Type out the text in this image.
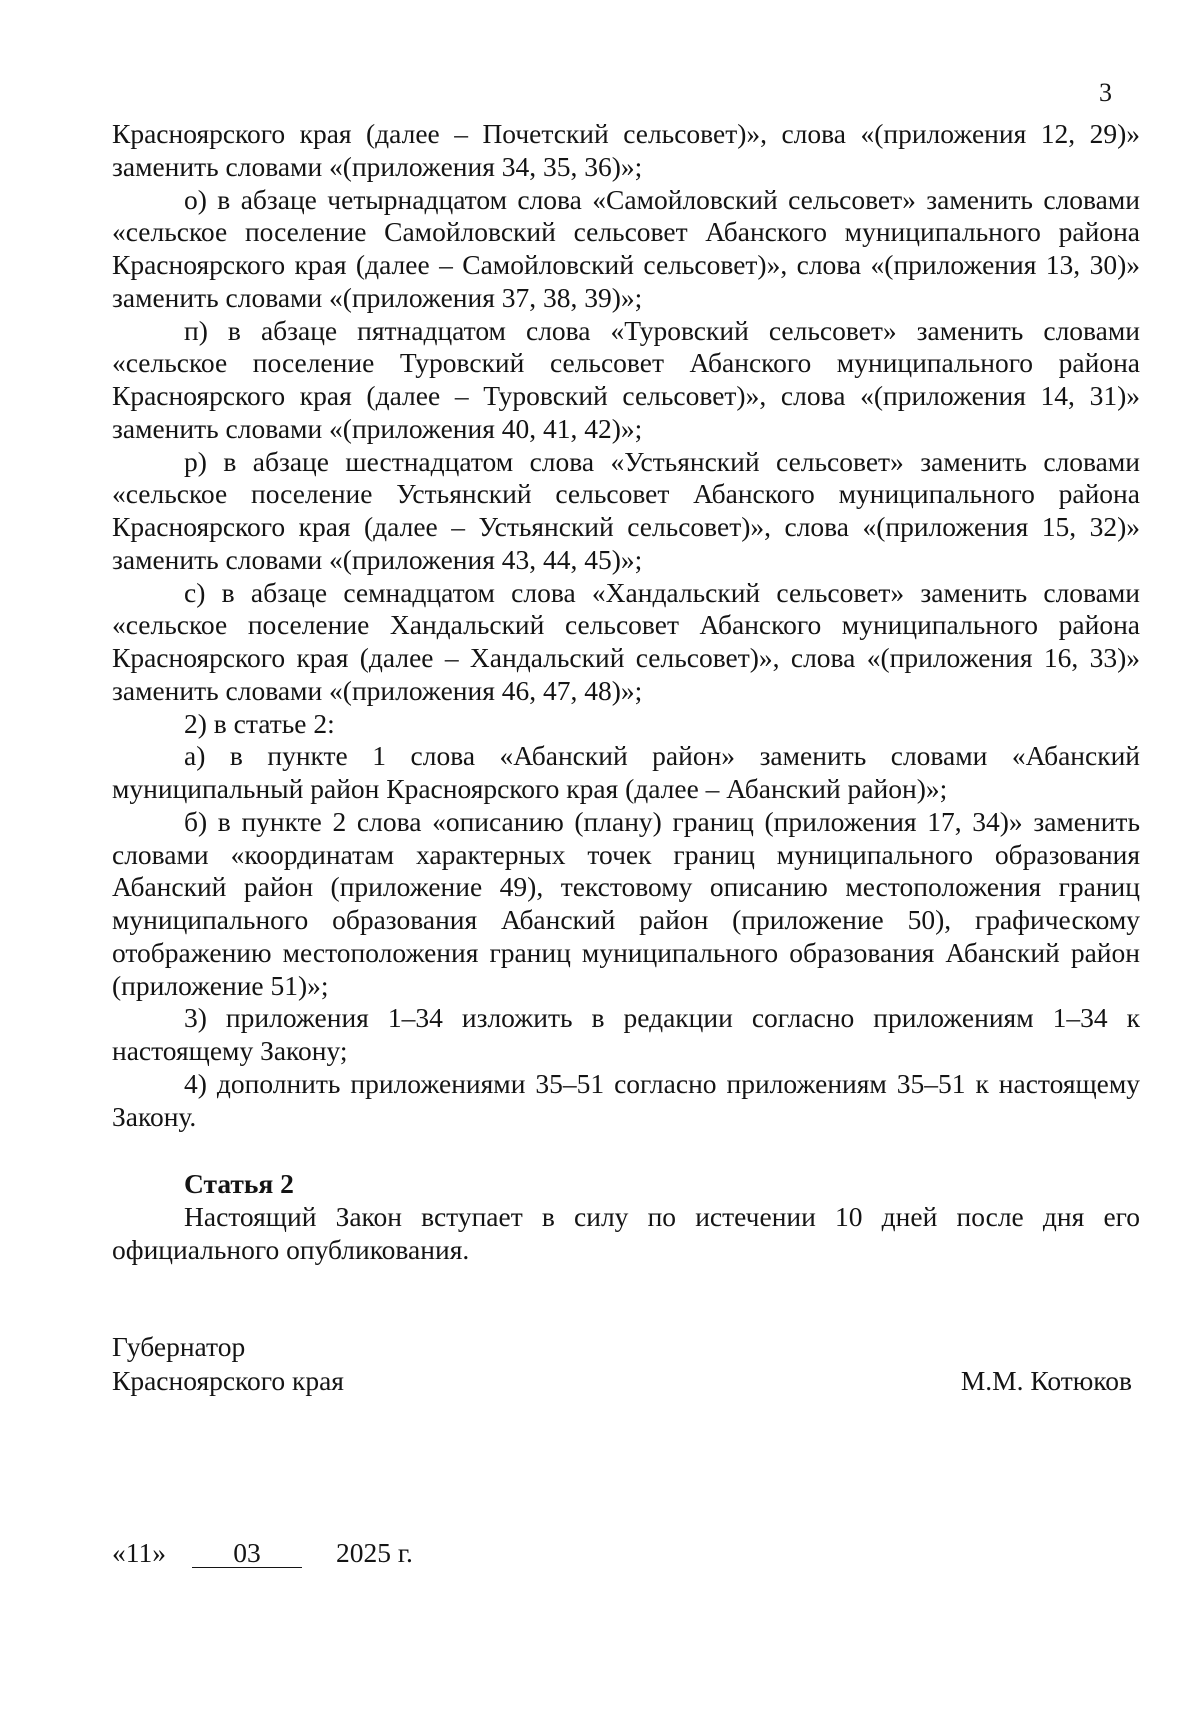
3

Красноярского края (далее – Почетский сельсовет)», слова «(приложения 12, 29)» заменить словами «(приложения 34, 35, 36)»;

о) в абзаце четырнадцатом слова «Самойловский сельсовет» заменить словами «сельское поселение Самойловский сельсовет Абанского муниципального района Красноярского края (далее – Самойловский сельсовет)», слова «(приложения 13, 30)» заменить словами «(приложения 37, 38, 39)»;

п) в абзаце пятнадцатом слова «Туровский сельсовет» заменить словами «сельское поселение Туровский сельсовет Абанского муниципального района Красноярского края (далее – Туровский сельсовет)», слова «(приложения 14, 31)» заменить словами «(приложения 40, 41, 42)»;

р) в абзаце шестнадцатом слова «Устьянский сельсовет» заменить словами «сельское поселение Устьянский сельсовет Абанского муниципального района Красноярского края (далее – Устьянский сельсовет)», слова «(приложения 15, 32)» заменить словами «(приложения 43, 44, 45)»;

с) в абзаце семнадцатом слова «Хандальский сельсовет» заменить словами «сельское поселение Хандальский сельсовет Абанского муниципального района Красноярского края (далее – Хандальский сельсовет)», слова «(приложения 16, 33)» заменить словами «(приложения 46, 47, 48)»;

2) в статье 2:

а) в пункте 1 слова «Абанский район» заменить словами «Абанский муниципальный район Красноярского края (далее – Абанский район)»;

б) в пункте 2 слова «описанию (плану) границ (приложения 17, 34)» заменить словами «координатам характерных точек границ муниципального образования Абанский район (приложение 49), текстовому описанию местоположения границ муниципального образования Абанский район (приложение 50), графическому отображению местоположения границ муниципального образования Абанский район (приложение 51)»;

3) приложения 1–34 изложить в редакции согласно приложениям 1–34 к настоящему Закону;

4) дополнить приложениями 35–51 согласно приложениям 35–51 к настоящему Закону.

Статья 2

Настоящий Закон вступает в силу по истечении 10 дней после дня его официального опубликования.

Губернатор
Красноярского края	М.М. Котюков
«11» 03	2025 г.
